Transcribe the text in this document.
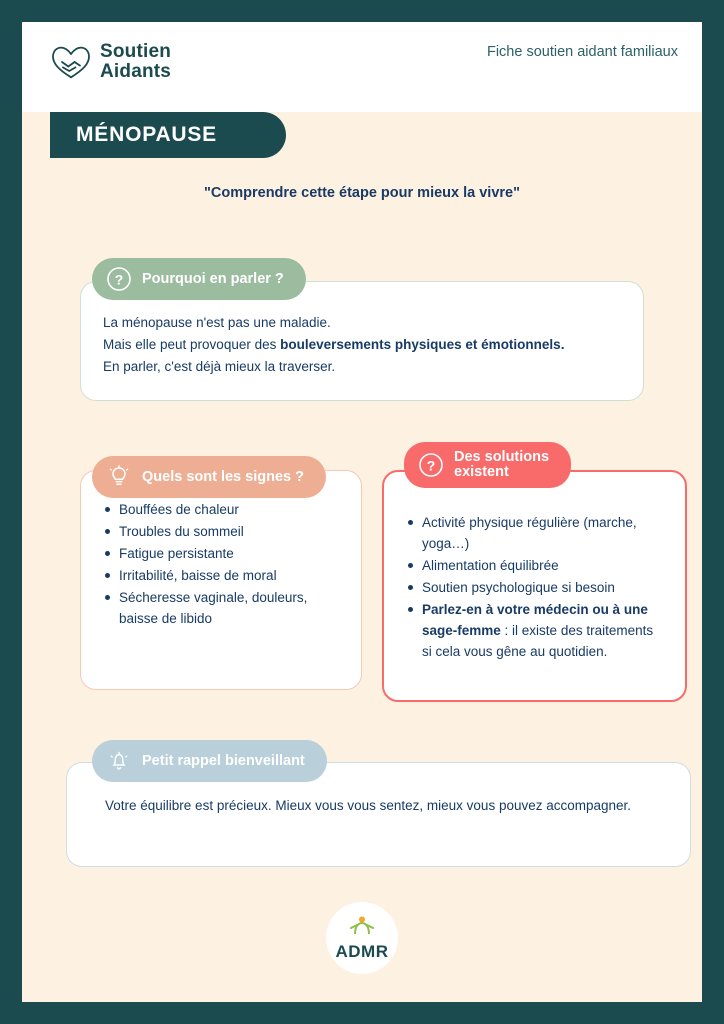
Soutien
Aidants
Fiche soutien aidant familiaux
MÉNOPAUSE
"Comprendre cette étape pour mieux la vivre"

La ménopause n'est pas une maladie.

Mais elle peut provoquer des bouleversements physiques et émotionnels.

En parler, c'est déjà mieux la traverser.

? Pourquoi en parler ?
Bouffées de chaleur
Troubles du sommeil
Fatigue persistante
Irritabilité, baisse de moral
Sécheresse vaginale, douleurs, baisse de libido
Quels sont les signes ?
Activité physique régulière (marche, yoga…)
Alimentation équilibrée
Soutien psychologique si besoin
Parlez-en à votre médecin ou à une sage-femme : il existe des traitements si cela vous gêne au quotidien.
?
Des solutions
existent

Votre équilibre est précieux. Mieux vous vous sentez, mieux vous pouvez accompagner.

Petit rappel bienveillant
ADMR
